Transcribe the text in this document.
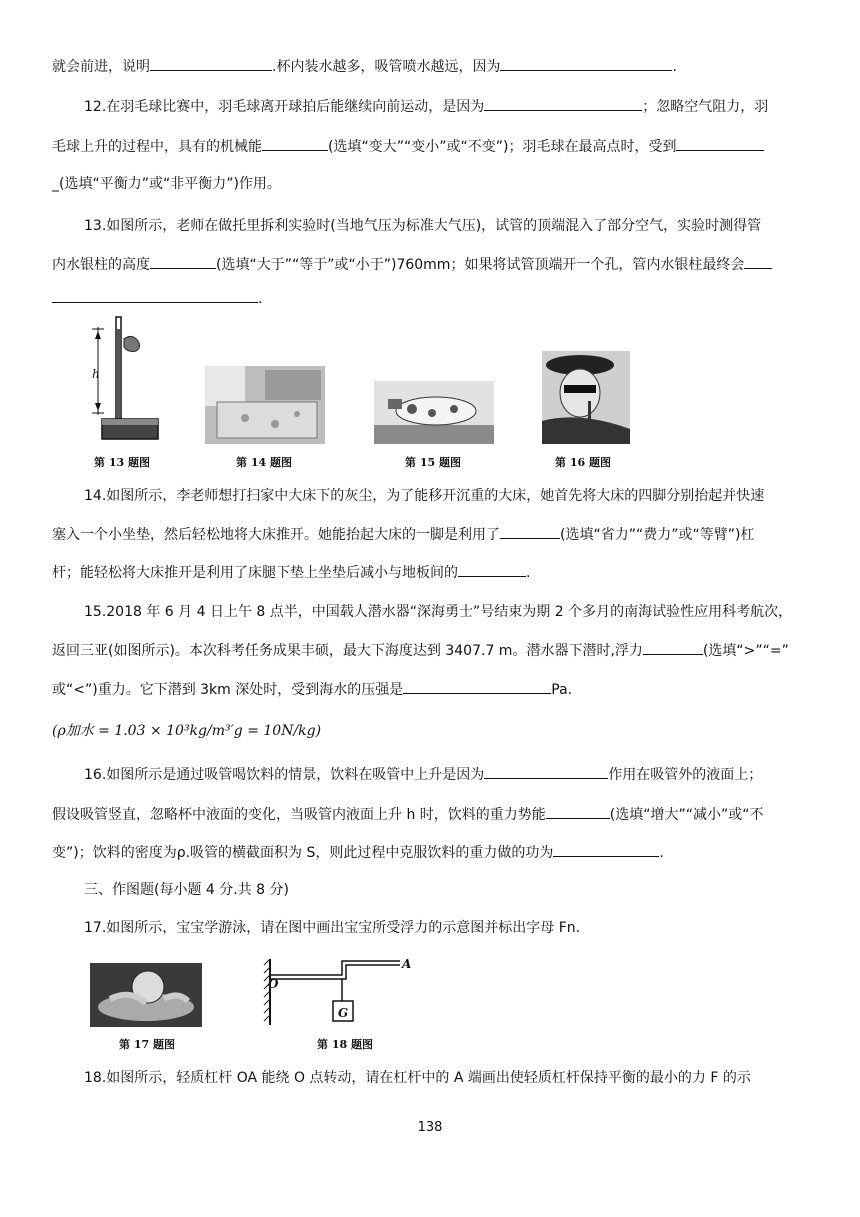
就会前进，说明	.杯内装水越多，吸管喷水越远，因为	.
12.在羽毛球比赛中，羽毛球离开球拍后能继续向前运动，是因为	；忽略空气阻力，羽
毛球上升的过程中，具有的机械能	(选填“变大”“变小”或“不变”)；羽毛球在最高点时，受到
_(选填“平衡力”或“非平衡力”)作用。
13.如图所示，老师在做托里拆利实验时(当地气压为标准大气压)，试管的顶端混入了部分空气，实验时测得管
内水银柱的高度	(选填“大于”“等于”或“小于”)760mm；如果将试管顶端开一个孔，管内水银柱最终会
.
h
第 13 题图	第 14 题图	第 15 题图	第 16 题图
14.如图所示，李老师想打扫家中大床下的灰尘，为了能移开沉重的大床，她首先将大床的四脚分别抬起并快速
塞入一个小坐垫，然后轻松地将大床推开。她能抬起大床的一脚是利用了	(选填“省力”“费力”或“等臂”)杠
杆；能轻松将大床推开是利用了床腿下垫上坐垫后减小与地板间的	.
15.2018 年 6 月 4 日上午 8 点半，中国载人潜水器“深海勇士”号结束为期 2 个多月的南海试验性应用科考航次，
返回三亚(如图所示)。本次科考任务成果丰硕，最大下海度达到 3407.7 m。潜水器下潜时,浮力	(选填“>”“=”
或“<”)重力。它下潜到 3km 深处时，受到海水的压强是	Pa.
(ρ加水 = 1.03 × 10³kg/m³′g = 10N/kg)
16.如图所示是通过吸管喝饮料的情景，饮料在吸管中上升是因为	作用在吸管外的液面上；
假设吸管竖直，忽略杯中液面的变化，当吸管内液面上升 h 时，饮料的重力势能	(选填“增大”“减小”或“不
变”)；饮料的密度为ρ.吸管的横截面积为 S，则此过程中克服饮料的重力做的功为	.
三、作图题(每小题 4 分.共 8 分)
17.如图所示，宝宝学游泳，请在图中画出宝宝所受浮力的示意图并标出字母 Fn.
第 17 题图
O
A
G
第 18 题图
18.如图所示，轻质杠杆 OA 能绕 O 点转动，请在杠杆中的 A 端画出使轻质杠杆保持平衡的最小的力 F 的示
138
